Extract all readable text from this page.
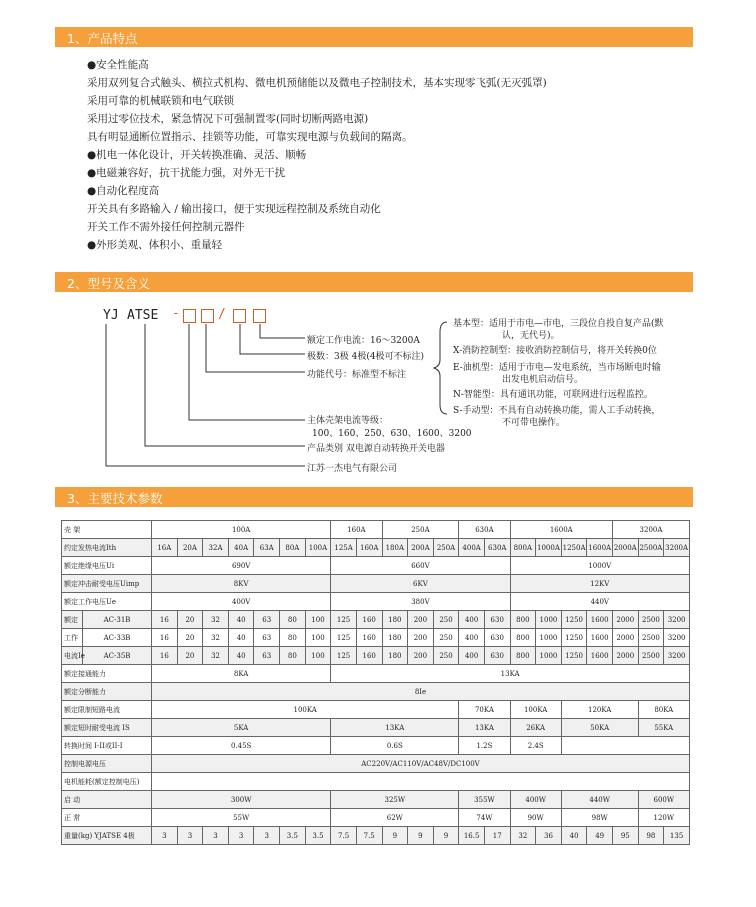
1、产品特点
●安全性能高
采用双列复合式触头、横拉式机构、微电机预储能以及微电子控制技术，基本实现零飞弧(无灭弧罩)
采用可靠的机械联锁和电气联锁
采用过零位技术，紧急情况下可强制置零(同时切断两路电源)
具有明显通断位置指示、挂锁等功能，可靠实现电源与负载间的隔离。
●机电一体化设计，开关转换准确、灵活、顺畅
●电磁兼容好，抗干扰能力强，对外无干扰
●自动化程度高
开关具有多路输入 / 输出接口，便于实现远程控制及系统自动化
开关工作不需外接任何控制元器件
●外形美观、体积小、重量轻
2、型号及含义
YJ ATSE -	/
额定工作电流：16～3200A
极数：3极 4极(4极可不标注)
功能代号：标准型不标注
主体壳架电流等级：
100、160、250、630、1600、3200
产品类别 双电源自动转换开关电器
江苏一杰电气有限公司
基本型：适用于市电—市电，三段位自投自复产品(默
认，无代号)。
X-消防控制型：接收消防控制信号，将开关转换0位
E-油机型：适用于市电—发电系统，当市场断电时输
出发电机启动信号。
N-智能型：具有通讯功能，可联网进行远程监控。
S-手动型：不具有自动转换功能，需人工手动转换，
不可带电操作。
3、主要技术参数
壳 架		100A							160A		250A			630A		1600A				3200A		
约定发热电流Ith		16A	20A	32A	40A	63A	80A	100A	125A	160A	180A	200A	250A	400A	630A	800A	1000A	1250A	1600A	2000A	2500A	3200A
额定绝缘电压Ui		690V							660V							1000V						
额定冲击耐受电压Uimp		8KV							6KV							12KV						
额定工作电压Ue		400V							380V							440V						
额定	AC-31B	16	20	32	40	63	80	100	125	160	180	200	250	400	630	800	1000	1250	1600	2000	2500	3200
工作	AC-33B	16	20	32	40	63	80	100	125	160	180	200	250	400	630	800	1000	1250	1600	2000	2500	3200
电流Ie	AC-35B	16	20	32	40	63	80	100	125	160	180	200	250	400	630	800	1000	1250	1600	2000	2500	3200
额定接通能力		8KA							13KA													
额定分断能力		8Ie																				
额定限制短路电流		100KA												70KA		100KA		120KA			80KA	
额定短时耐受电流 IS		5KA							13KA					13KA		26KA		50KA			55KA	
转换时间 I-II或II-I		0.45S							0.6S					1.2S		2.4S						
控制电源电压		AC220V/AC110V/AC48V/DC100V																				
电机能耗(额定控制电压)																						
启 动		300W							325W					355W		400W		440W			600W	
正 常		55W							62W					74W		90W		98W			120W	
重量(kg) YJATSE 4极		3	3	3	3	3	3.5	3.5	7.5	7.5	9	9	9	16.5	17	32	36	40	49	95	98	135
